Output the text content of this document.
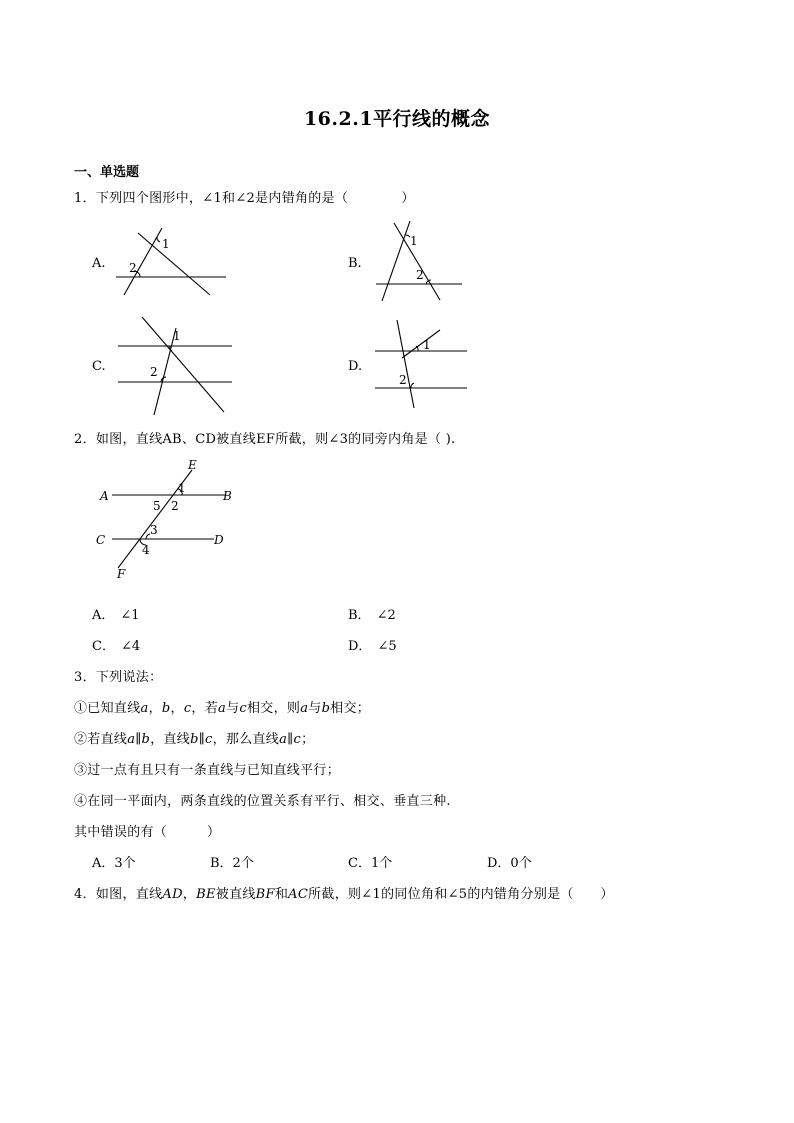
16.2.1平行线的概念
一、单选题
1．下列四个图形中，∠1和∠2是内错角的是（　　　　）
A.
1
2	B.
1
2
C.
1
2	D.
1
2
2．如图，直线AB、CD被直线EF所截，则∠3的同旁内角是（ ).
E
A	B
C	D
F
1
2
3
4
5
A． ∠1	B． ∠2
C． ∠4	D． ∠5
3．下列说法：
①已知直线a，b，c，若a与c相交，则a与b相交；
②若直线a∥b，直线b∥c，那么直线a∥c；
③过一点有且只有一条直线与已知直线平行；
④在同一平面内，两条直线的位置关系有平行、相交、垂直三种.
其中错误的有（　　　）
A．3个	B．2个	C．1个	D．0个
4．如图，直线AD，BE被直线BF和AC所截，则∠1的同位角和∠5的内错角分别是（　　）
